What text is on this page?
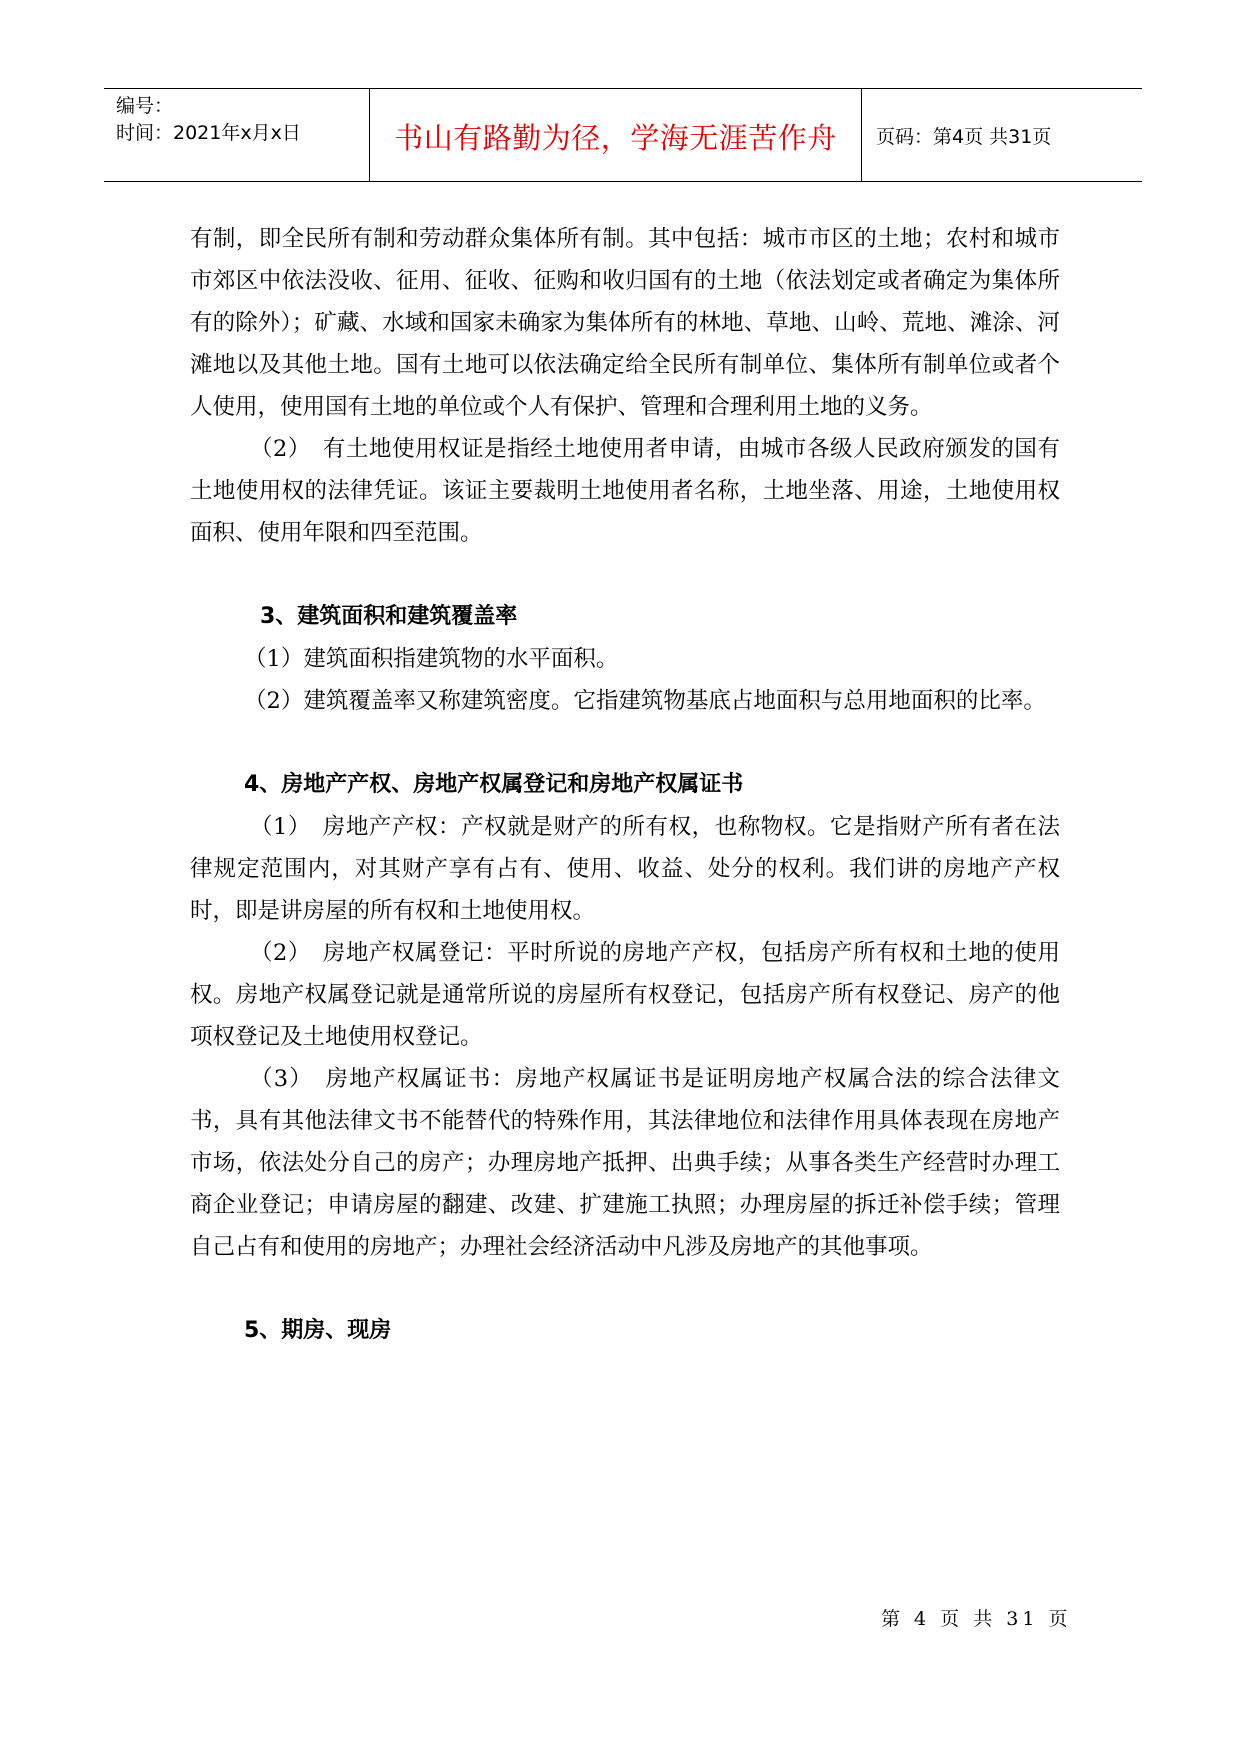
编号：
时间：2021年x月x日	书山有路勤为径，学海无涯苦作舟 页码：第4页 共31页

有制，即全民所有制和劳动群众集体所有制。其中包括：城市市区的土地；农村和城市市郊区中依法没收、征用、征收、征购和收归国有的土地（依法划定或者确定为集体所有的除外）；矿藏、水域和国家未确家为集体所有的林地、草地、山岭、荒地、滩涂、河滩地以及其他土地。国有土地可以依法确定给全民所有制单位、集体所有制单位或者个人使用，使用国有土地的单位或个人有保护、管理和合理利用土地的义务。

（2）　有土地使用权证是指经土地使用者申请，由城市各级人民政府颁发的国有土地使用权的法律凭证。该证主要裁明土地使用者名称，土地坐落、用途，土地使用权面积、使用年限和四至范围。

3、建筑面积和建筑覆盖率

（1）建筑面积指建筑物的水平面积。

（2）建筑覆盖率又称建筑密度。它指建筑物基底占地面积与总用地面积的比率。

4、房地产产权、房地产权属登记和房地产权属证书

（1）　房地产产权：产权就是财产的所有权，也称物权。它是指财产所有者在法律规定范围内，对其财产享有占有、使用、收益、处分的权利。我们讲的房地产产权时，即是讲房屋的所有权和土地使用权。

（2）　房地产权属登记：平时所说的房地产产权，包括房产所有权和土地的使用权。房地产权属登记就是通常所说的房屋所有权登记，包括房产所有权登记、房产的他项权登记及土地使用权登记。

（3）　房地产权属证书：房地产权属证书是证明房地产权属合法的综合法律文书，具有其他法律文书不能替代的特殊作用，其法律地位和法律作用具体表现在房地产市场，依法处分自己的房产；办理房地产抵押、出典手续；从事各类生产经营时办理工商企业登记；申请房屋的翻建、改建、扩建施工执照；办理房屋的拆迁补偿手续；管理自己占有和使用的房地产；办理社会经济活动中凡涉及房地产的其他事项。

5、期房、现房
第 4 页 共 31 页
